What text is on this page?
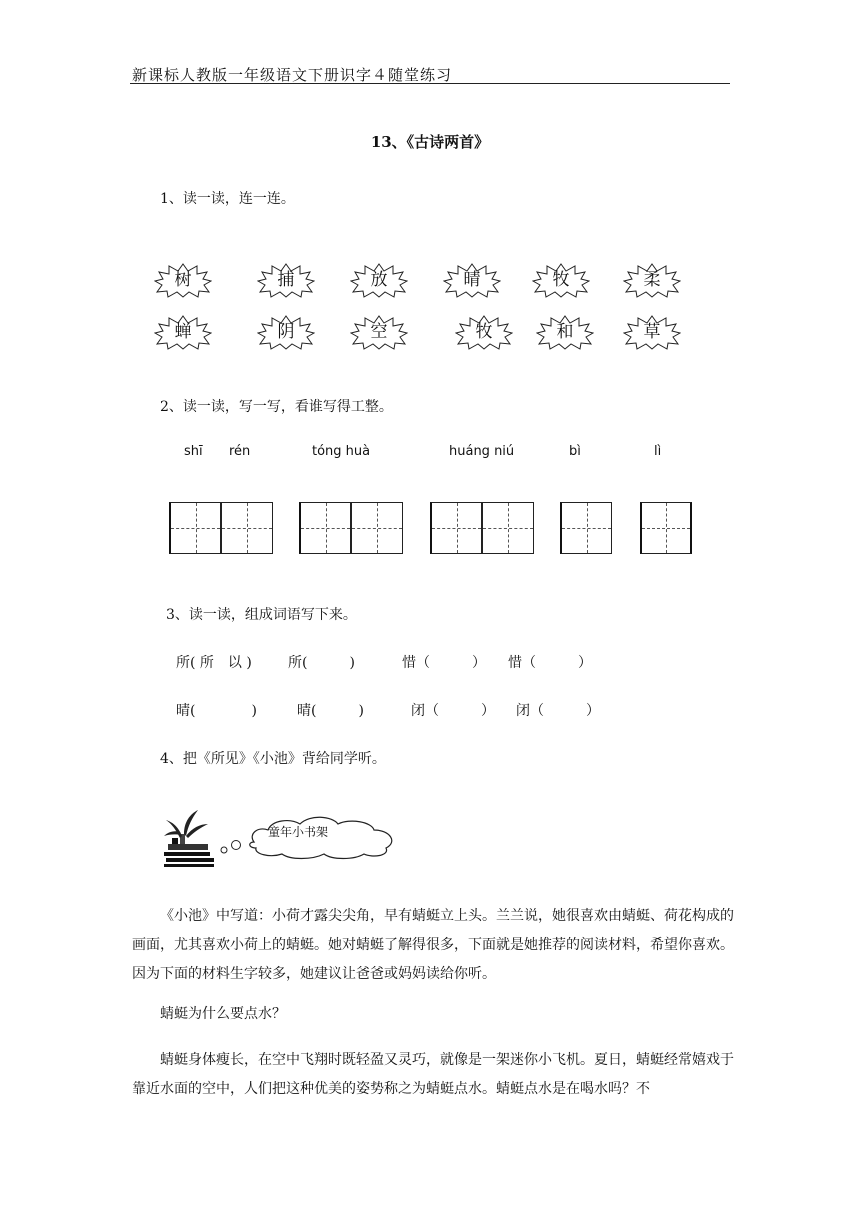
新课标人教版一年级语文下册识字４随堂练习
13、《古诗两首》
1、读一读，连一连。
树	捕	放	晴	牧	柔
蝉	阴	空	牧	和	草
2、读一读，写一写，看谁写得工整。
shī rén	tóng huà	huáng niú	bì	lì
3、读一读，组成词语写下来。
所( 所　以 )	所(　　　)	惜（　　　） 惜（　　　）
晴(　　　　)	晴(　　　)	闭（　　　） 闭（　　　）
4、把《所见》《小池》背给同学听。
童年小书架
《小池》中写道：小荷才露尖尖角，早有蜻蜓立上头。兰兰说，她很喜欢由蜻蜓、荷花构成的画面，尤其喜欢小荷上的蜻蜓。她对蜻蜓了解得很多，下面就是她推荐的阅读材料，希望你喜欢。因为下面的材料生字较多，她建议让爸爸或妈妈读给你听。
蜻蜓为什么要点水？
蜻蜓身体瘦长，在空中飞翔时既轻盈又灵巧，就像是一架迷你小飞机。夏日，蜻蜓经常嬉戏于靠近水面的空中，人们把这种优美的姿势称之为蜻蜓点水。蜻蜓点水是在喝水吗？不
